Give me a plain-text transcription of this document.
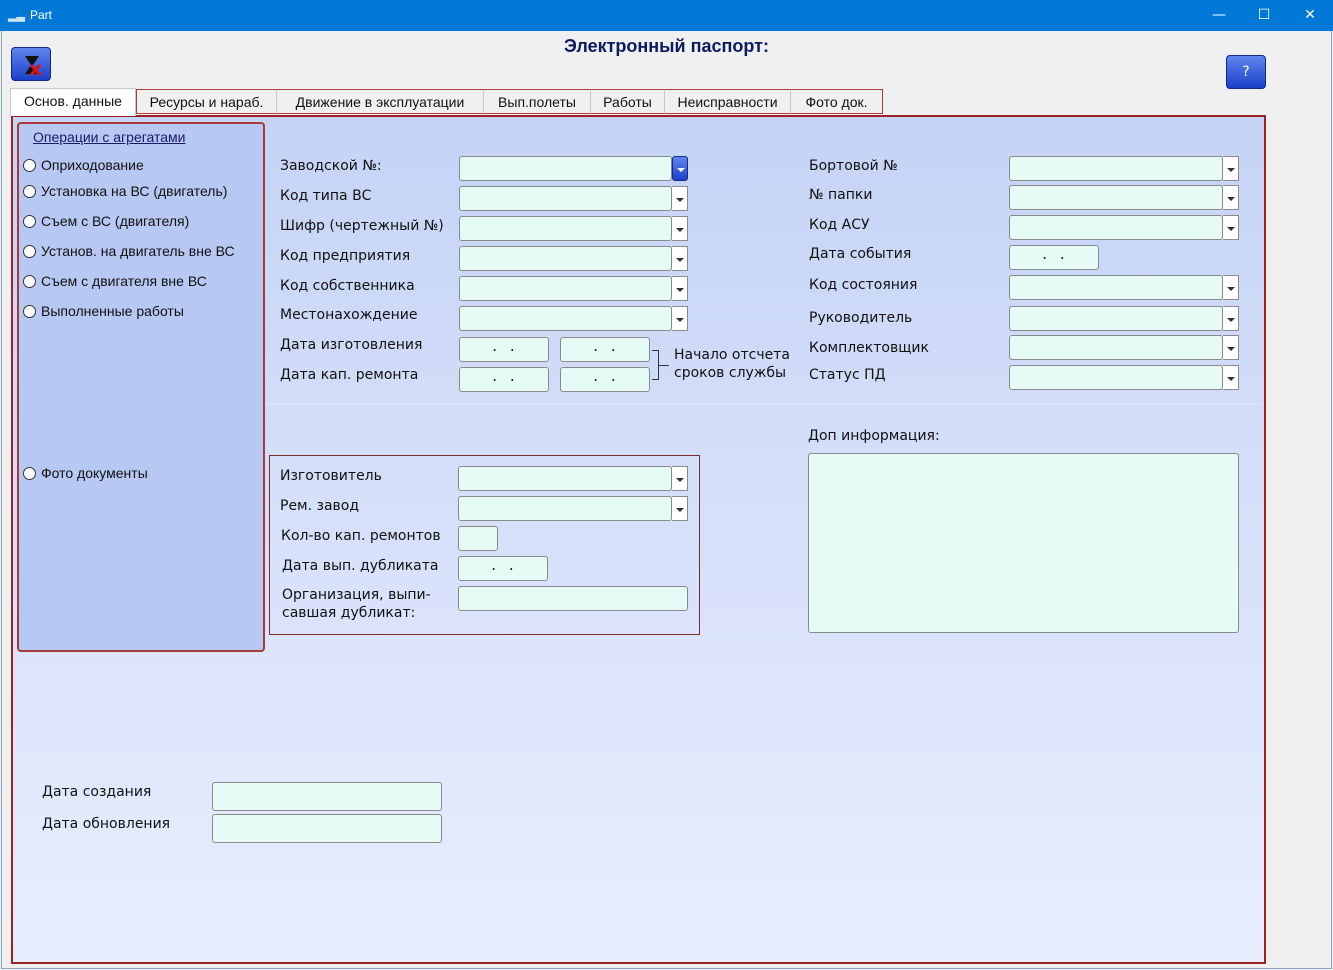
▂▃ Part	—	☐	✕
Электронный паспорт:
?
Основ. данные	Ресурсы и нараб.	Движение в эксплуатации	Вып.полеты	Работы	Неисправности	Фото док.
Операции с агрегатами
Оприходование
Установка на ВС (двигатель)
Съем с ВС (двигателя)
Установ. на двигатель вне ВС
Съем с двигателя вне ВС
Выполненные работы
Фото документы
Заводской №:
Код типа ВС
Шифр (чертежный №)
Код предприятия
Код собственника
Местонахождение
Дата изготовления	. .	. .
Дата кап. ремонта	. .	. .
Начало отсчета
сроков службы
Бортовой №
№ папки
Код АСУ
Дата события	. .
Код состояния
Руководитель
Комплектовщик
Статус ПД
Изготовитель
Рем. завод
Кол-во кап. ремонтов
Дата вып. дубликата	. .
Организация, выпи-
савшая дубликат:
Доп информация:
Дата создания
Дата обновления
